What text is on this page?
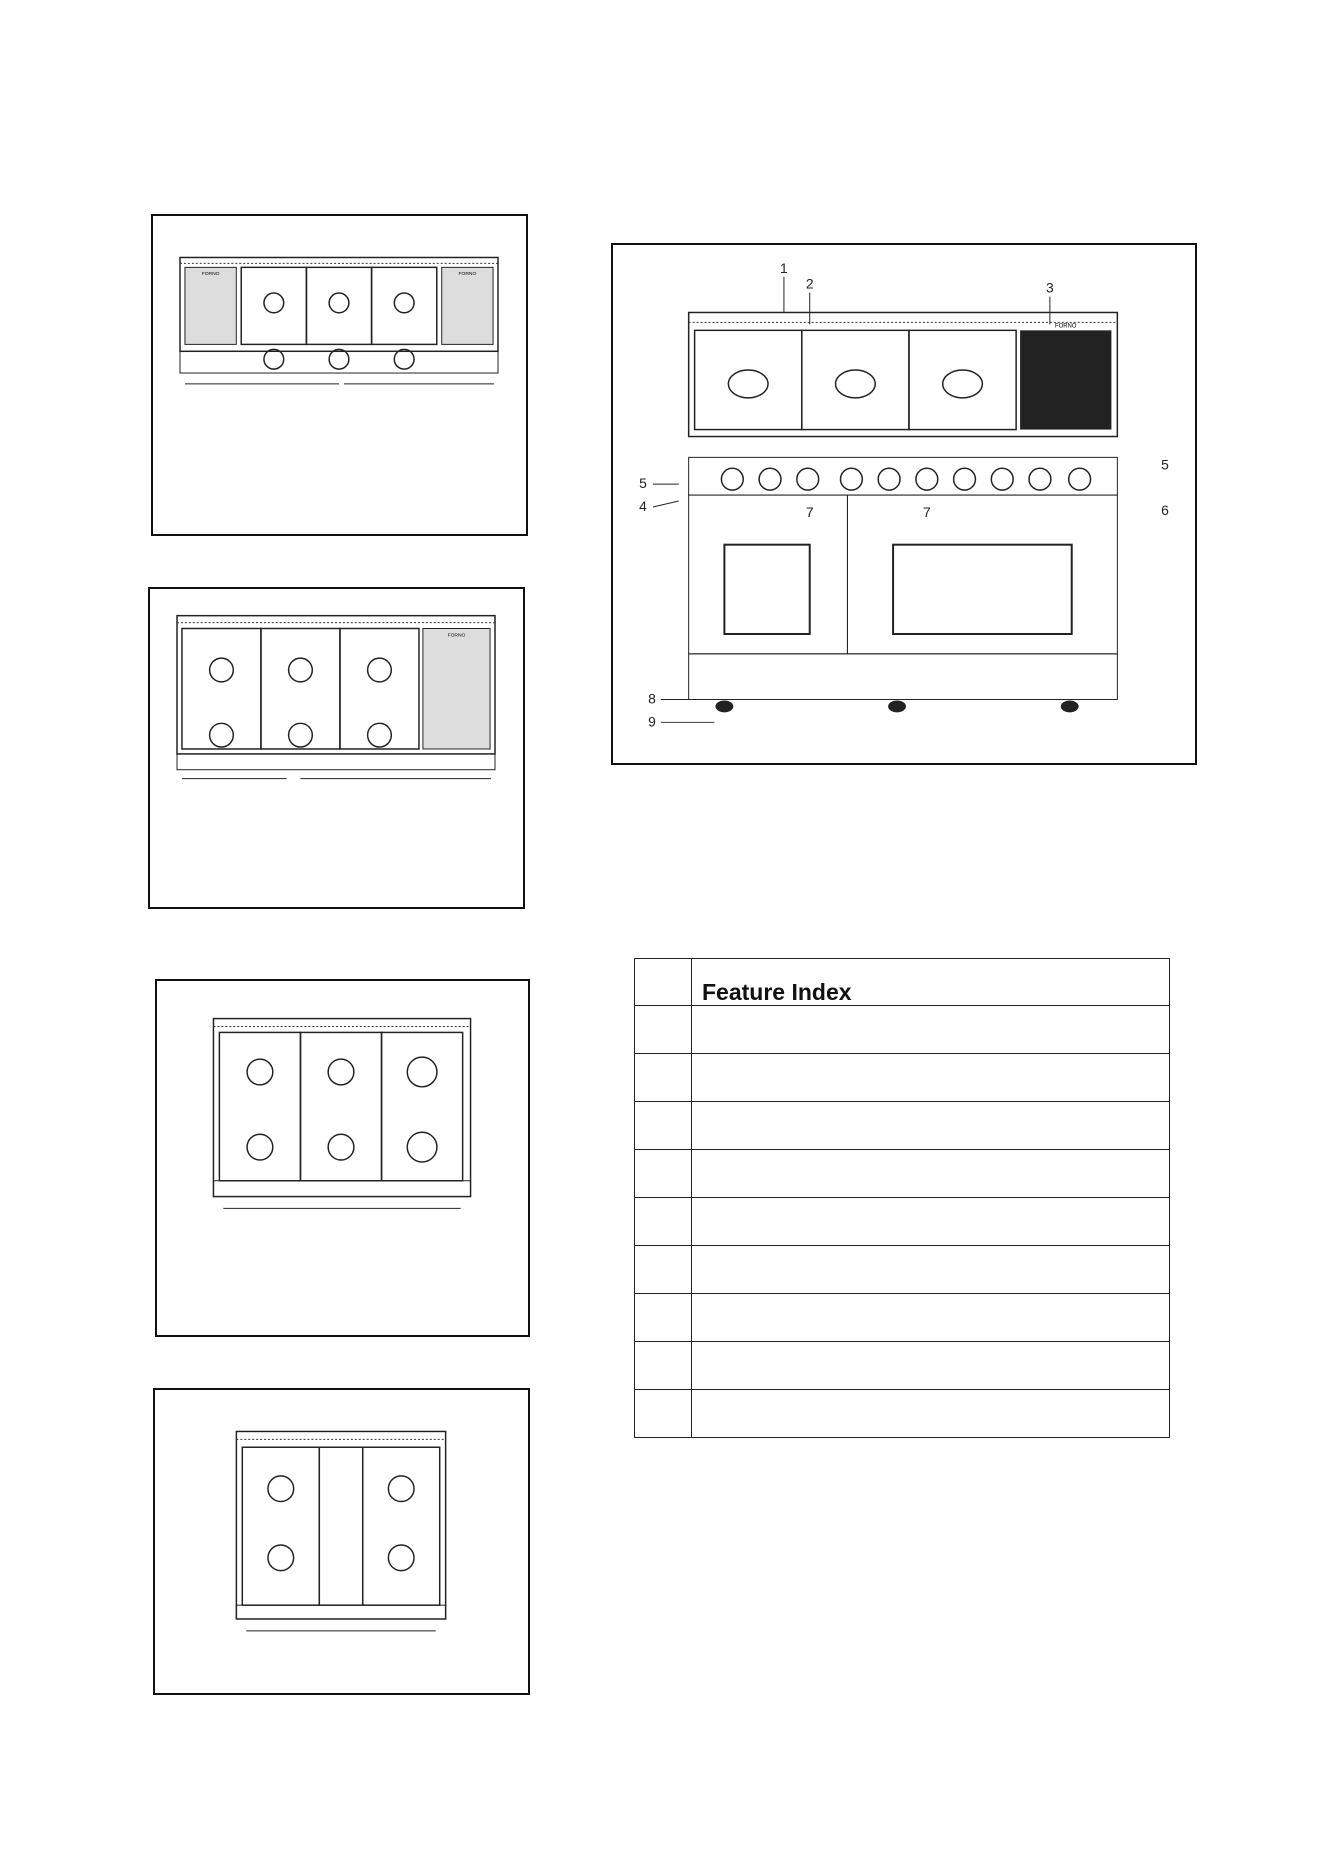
FORNO	FORNO
FORNO
FORNO
1
2	3
5
5
4	6
7	7
8
9

	Feature Index
